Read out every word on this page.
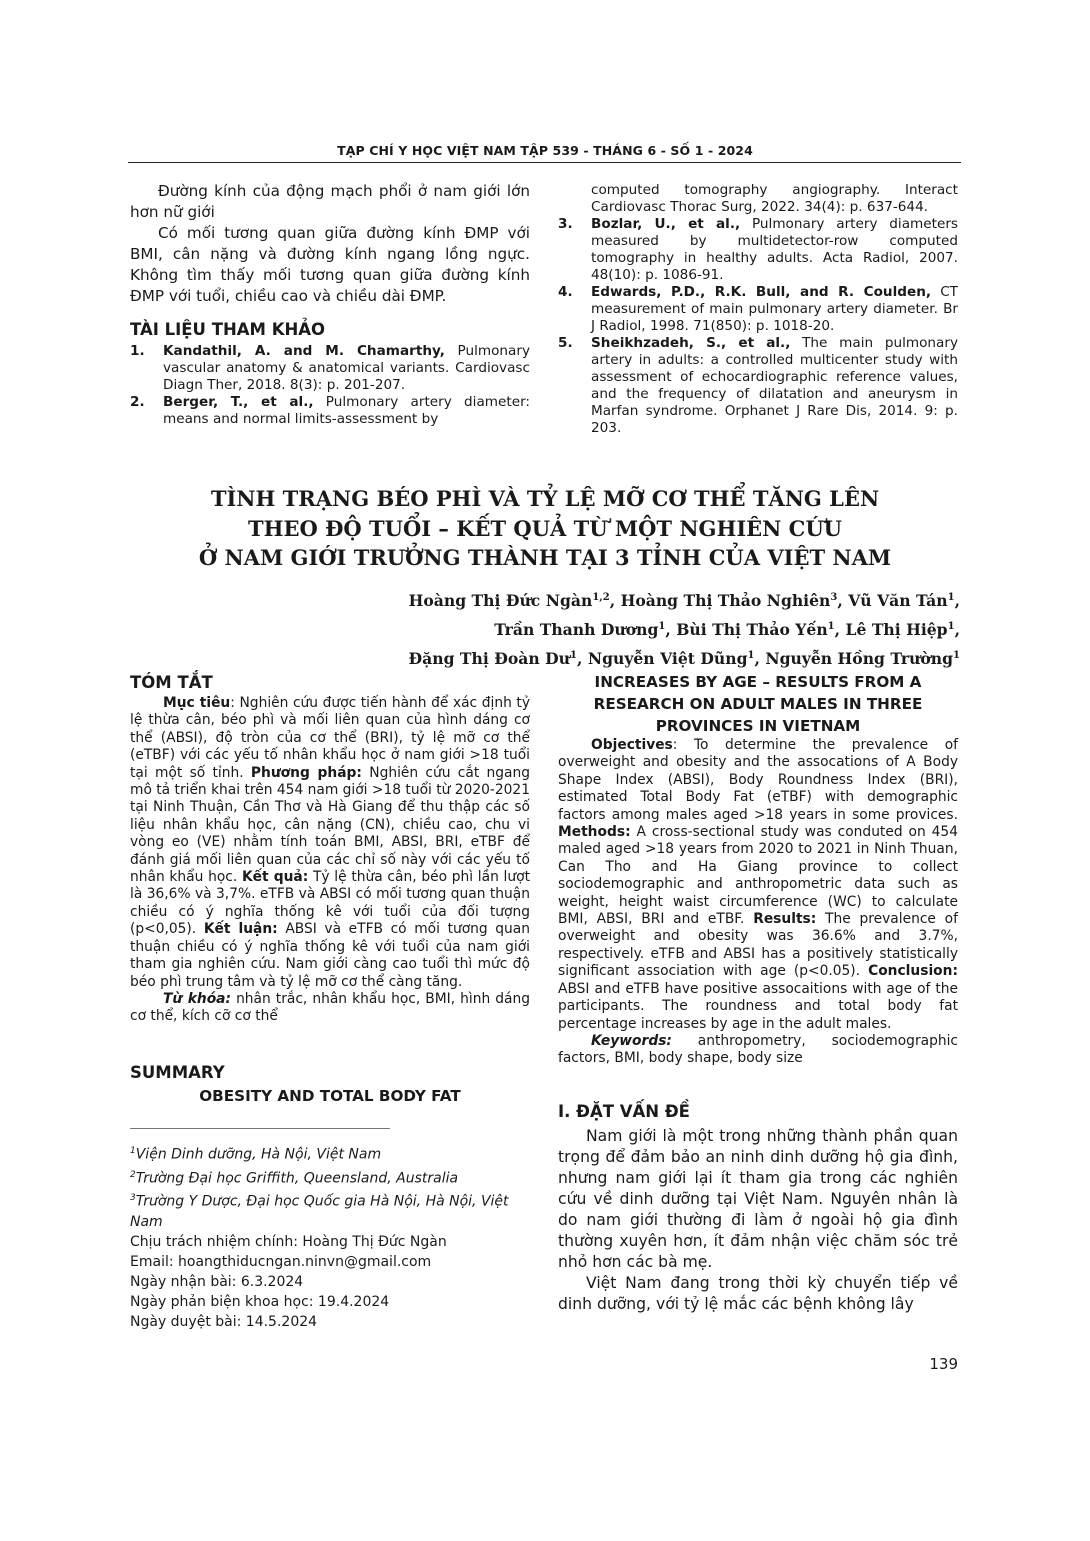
TẠP CHÍ Y HỌC VIỆT NAM TẬP 539 - THÁNG 6 - SỐ 1 - 2024

Đường kính của động mạch phổi ở nam giới lớn hơn nữ giới

Có mối tương quan giữa đường kính ĐMP với BMI, cân nặng và đường kính ngang lồng ngực. Không tìm thấy mối tương quan giữa đường kính ĐMP với tuổi, chiều cao và chiều dài ĐMP.

TÀI LIỆU THAM KHẢO
1.	Kandathil, A. and M. Chamarthy, Pulmonary vascular anatomy & anatomical variants. Cardiovasc Diagn Ther, 2018. 8(3): p. 201-207.
2.	Berger, T., et al., Pulmonary artery diameter: means and normal limits-assessment by
computed tomography angiography. Interact Cardiovasc Thorac Surg, 2022. 34(4): p. 637-644.
3.	Bozlar, U., et al., Pulmonary artery diameters measured by multidetector-row computed tomography in healthy adults. Acta Radiol, 2007. 48(10): p. 1086-91.
4.	Edwards, P.D., R.K. Bull, and R. Coulden, CT measurement of main pulmonary artery diameter. Br J Radiol, 1998. 71(850): p. 1018-20.
5.	Sheikhzadeh, S., et al., The main pulmonary artery in adults: a controlled multicenter study with assessment of echocardiographic reference values, and the frequency of dilatation and aneurysm in Marfan syndrome. Orphanet J Rare Dis, 2014. 9: p. 203.
TÌNH TRẠNG BÉO PHÌ VÀ TỶ LỆ MỠ CƠ THỂ TĂNG LÊN
THEO ĐỘ TUỔI – KẾT QUẢ TỪ MỘT NGHIÊN CỨU
Ở NAM GIỚI TRƯỞNG THÀNH TẠI 3 TỈNH CỦA VIỆT NAM
Hoàng Thị Đức Ngàn$^{1,2}$, Hoàng Thị Thảo Nghiên$^3$, Vũ Văn Tán$^1$,
Trần Thanh Dương$^1$, Bùi Thị Thảo Yến$^1$, Lê Thị Hiệp$^1$,
Đặng Thị Đoàn $Dư^1$, Nguyễn Việt Dũng$^1$, Nguyễn Hồng Trường$^1$
TÓM TẮT

Mục tiêu: Nghiên cứu được tiến hành để xác định tỷ lệ thừa cân, béo phì và mối liên quan của hình dáng cơ thể (ABSI), độ tròn của cơ thể (BRI), tỷ lệ mỡ cơ thể (eTBF) với các yếu tố nhân khẩu học ở nam giới >18 tuổi tại một số tỉnh. Phương pháp: Nghiên cứu cắt ngang mô tả triển khai trên 454 nam giới >18 tuổi từ 2020-2021 tại Ninh Thuận, Cần Thơ và Hà Giang để thu thập các số liệu nhân khẩu học, cân nặng (CN), chiều cao, chu vi vòng eo (VE) nhằm tính toán BMI, ABSI, BRI, eTBF để đánh giá mối liên quan của các chỉ số này với các yếu tố nhân khẩu học. Kết quả: Tỷ lệ thừa cân, béo phì lần lượt là 36,6% và 3,7%. eTFB và ABSI có mối tương quan thuận chiều có ý nghĩa thống kê với tuổi của đối tượng (p<0,05). Kết luận: ABSI và eTFB có mối tương quan thuận chiều có ý nghĩa thống kê với tuổi của nam giới tham gia nghiên cứu. Nam giới càng cao tuổi thì mức độ béo phì trung tâm và tỷ lệ mỡ cơ thể càng tăng.

Từ khóa: nhân trắc, nhân khẩu học, BMI, hình dáng cơ thể, kích cỡ cơ thể

SUMMARY
OBESITY AND TOTAL BODY FAT
$^1$Viện Dinh dưỡng, Hà Nội, Việt Nam
$^2$Trường Đại học Griffith, Queensland, Australia
$^3$Trường Y Dược, Đại học Quốc gia Hà Nội, Hà Nội, Việt Nam
Chịu trách nhiệm chính: Hoàng Thị Đức Ngàn
Email: hoangthiducngan.ninvn@gmail.com
Ngày nhận bài: 6.3.2024
Ngày phản biện khoa học: 19.4.2024
Ngày duyệt bài: 14.5.2024
INCREASES BY AGE – RESULTS FROM A RESEARCH ON ADULT MALES IN THREE PROVINCES IN VIETNAM

Objectives: To determine the prevalence of overweight and obesity and the assocations of A Body Shape Index (ABSI), Body Roundness Index (BRI), estimated Total Body Fat (eTBF) with demographic factors among males aged >18 years in some provices. Methods: A cross-sectional study was conduted on 454 maled aged >18 years from 2020 to 2021 in Ninh Thuan, Can Tho and Ha Giang province to collect sociodemographic and anthropometric data such as weight, height waist circumference (WC) to calculate BMI, ABSI, BRI and eTBF. Results: The prevalence of overweight and obesity was 36.6% and 3.7%, respectively. eTFB and ABSI has a positively statistically significant association with age (p<0.05). Conclusion: ABSI and eTFB have positive assocaitions with age of the participants. The roundness and total body fat percentage increases by age in the adult males.

Keywords: anthropometry, sociodemographic factors, BMI, body shape, body size

I. ĐẶT VẤN ĐỀ

Nam giới là một trong những thành phần quan trọng để đảm bảo an ninh dinh dưỡng hộ gia đình, nhưng nam giới lại ít tham gia trong các nghiên cứu về dinh dưỡng tại Việt Nam. Nguyên nhân là do nam giới thường đi làm ở ngoài hộ gia đình thường xuyên hơn, ít đảm nhận việc chăm sóc trẻ nhỏ hơn các bà mẹ.

Việt Nam đang trong thời kỳ chuyển tiếp về dinh dưỡng, với tỷ lệ mắc các bệnh không lây

139
